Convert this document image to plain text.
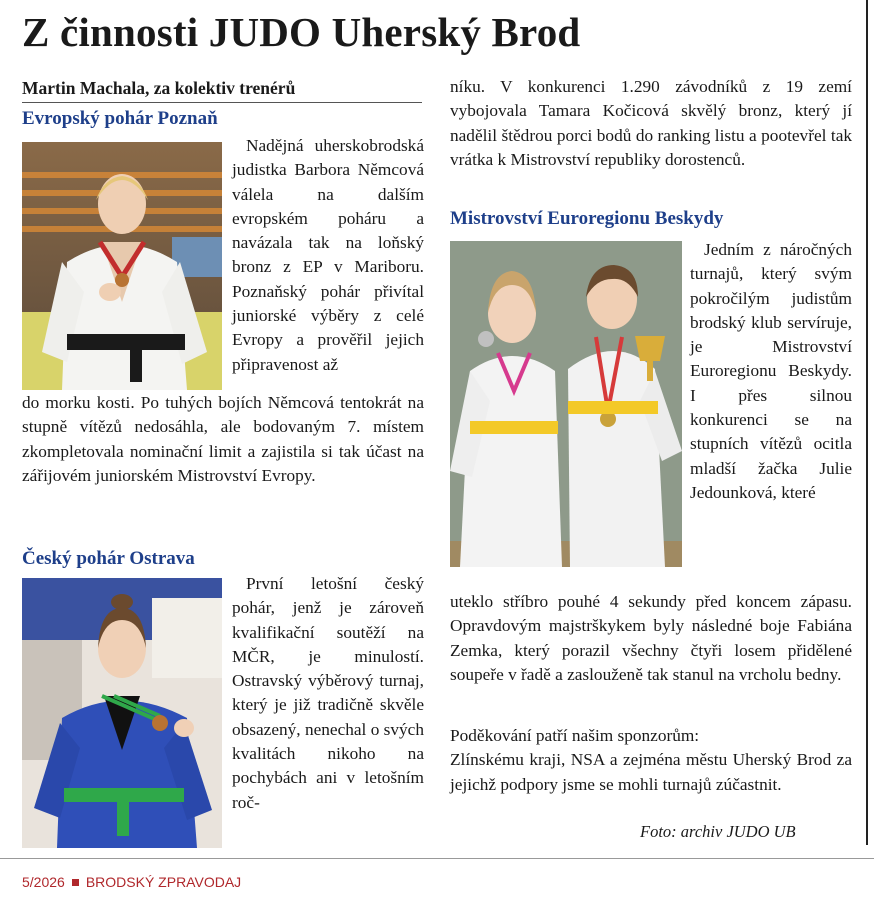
Z činnosti JUDO Uherský Brod
Martin Machala, za kolektiv trenérů
Evropský pohár Poznaň

Nadějná uherskobrodská judistka Barbora Němcová válela na dalším evropském poháru a navázala tak na loňský bronz z EP v Mariboru. Poznaňský pohár přivítal juniorské výběry z celé Evropy a prověřil jejich připravenost až

do morku kosti. Po tuhých bojích Němcová tentokrát na stupně vítězů nedosáhla, ale bodovaným 7. místem zkompletovala nominační limit a zajistila si tak účast na zářijovém juniorském Mistrovství Evropy.

Český pohár Ostrava

První letošní český pohár, jenž je zároveň kvalifikační soutěží na MČR, je minulostí. Ostravský výběrový turnaj, který je již tradičně skvěle obsazený, nenechal o svých kvalitách nikoho na pochybách ani v letošním roč-

níku. V konkurenci 1.290 závodníků z 19 zemí vybojovala Tamara Kočicová skvělý bronz, který jí nadělil štědrou porci bodů do ranking listu a pootevřel tak vrátka k Mistrovství republiky dorostenců.

Mistrovství Euroregionu Beskydy

Jedním z náročných turnajů, který svým pokročilým judistům brodský klub servíruje, je Mistrovství Euroregionu Beskydy. I přes silnou konkurenci se na stupních vítězů ocitla mladší žačka Julie Jedounková, které

uteklo stříbro pouhé 4 sekundy před koncem zápasu. Opravdovým majstrškykem byly následné boje Fabiána Zemka, který porazil všechny čtyři losem přidělené soupeře v řadě a zaslouženě tak stanul na vrcholu bedny.

Poděkování patří našim sponzorům:

Zlínskému kraji, NSA a zejména městu Uherský Brod za jejichž podpory jsme se mohli turnajů zúčastnit.

Foto: archiv JUDO UB
5/2026 BRODSKÝ ZPRAVODAJ
